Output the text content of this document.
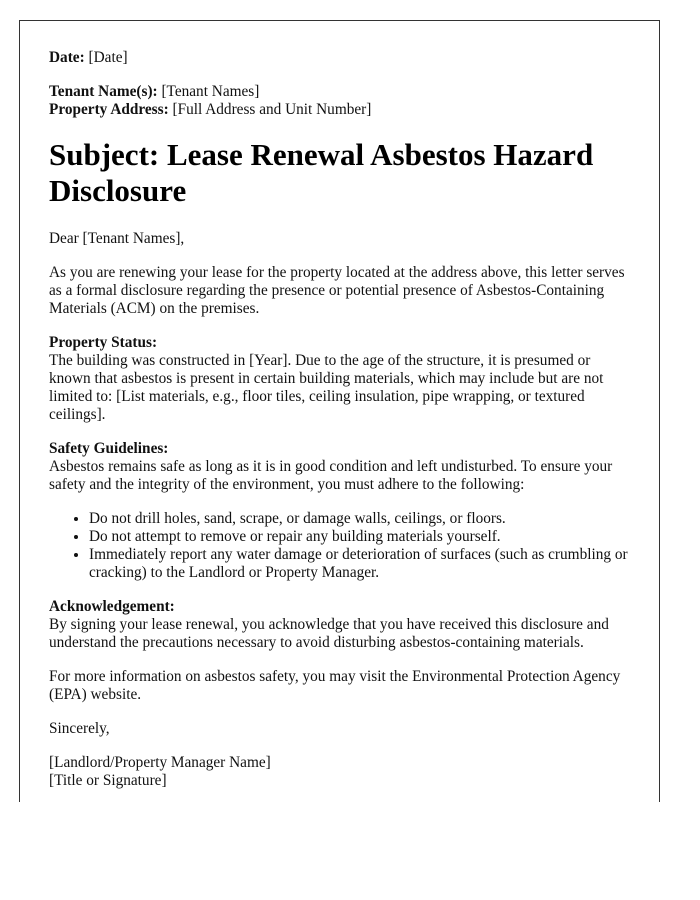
Date: [Date]

Tenant Name(s): [Tenant Names]

Property Address: [Full Address and Unit Number]

Subject: Lease Renewal Asbestos Hazard Disclosure

Dear [Tenant Names],

As you are renewing your lease for the property located at the address above, this letter serves as a formal disclosure regarding the presence or potential presence of Asbestos-Containing Materials (ACM) on the premises.

Property Status:

The building was constructed in [Year]. Due to the age of the structure, it is presumed or known that asbestos is present in certain building materials, which may include but are not limited to: [List materials, e.g., floor tiles, ceiling insulation, pipe wrapping, or textured ceilings].

Safety Guidelines:

Asbestos remains safe as long as it is in good condition and left undisturbed. To ensure your safety and the integrity of the environment, you must adhere to the following:

• Do not drill holes, sand, scrape, or damage walls, ceilings, or floors.
• Do not attempt to remove or repair any building materials yourself.
• Immediately report any water damage or deterioration of surfaces (such as crumbling or cracking) to the Landlord or Property Manager.

Acknowledgement:

By signing your lease renewal, you acknowledge that you have received this disclosure and understand the precautions necessary to avoid disturbing asbestos-containing materials.

For more information on asbestos safety, you may visit the Environmental Protection Agency (EPA) website.

Sincerely,

[Landlord/Property Manager Name]

[Title or Signature]
